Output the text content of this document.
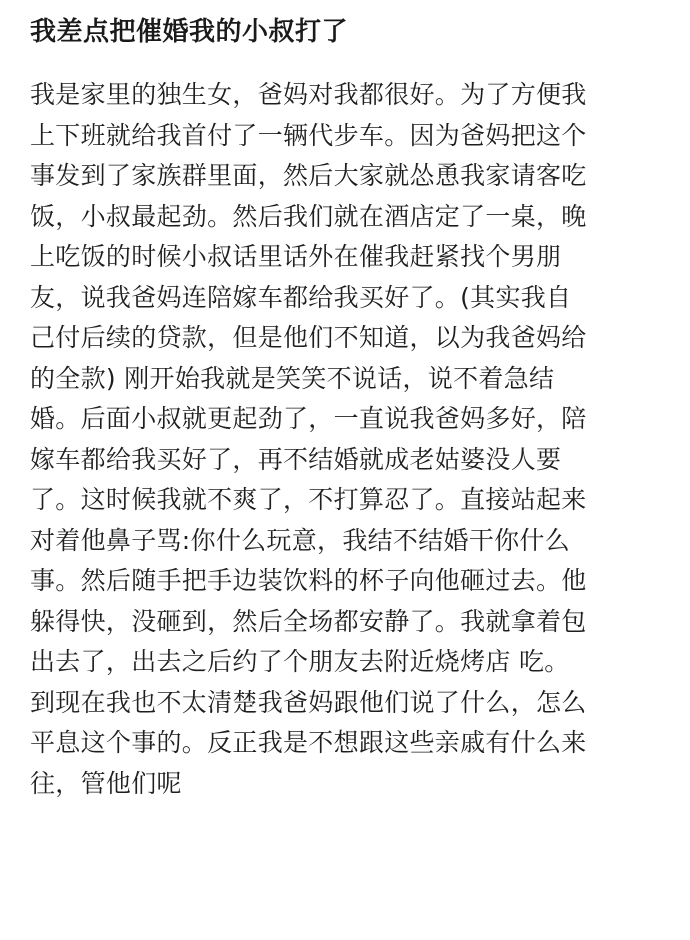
我差点把催婚我的小叔打了
我是家里的独生女，爸妈对我都很好。为了方便我
上下班就给我首付了一辆代步车。因为爸妈把这个
事发到了家族群里面，然后大家就怂恿我家请客吃
饭，小叔最起劲。然后我们就在酒店定了一桌，晚
上吃饭的时候小叔话里话外在催我赶紧找个男朋
友，说我爸妈连陪嫁车都给我买好了。(其实我自
己付后续的贷款，但是他们不知道，以为我爸妈给
的全款) 刚开始我就是笑笑不说话，说不着急结
婚。后面小叔就更起劲了，一直说我爸妈多好，陪
嫁车都给我买好了，再不结婚就成老姑婆没人要
了。这时候我就不爽了，不打算忍了。直接站起来
对着他鼻子骂:你什么玩意，我结不结婚干你什么
事。然后随手把手边装饮料的杯子向他砸过去。他
躲得快，没砸到，然后全场都安静了。我就拿着包
出去了，出去之后约了个朋友去附近烧烤店 吃。
到现在我也不太清楚我爸妈跟他们说了什么，怎么
平息这个事的。反正我是不想跟这些亲戚有什么来
往，管他们呢
